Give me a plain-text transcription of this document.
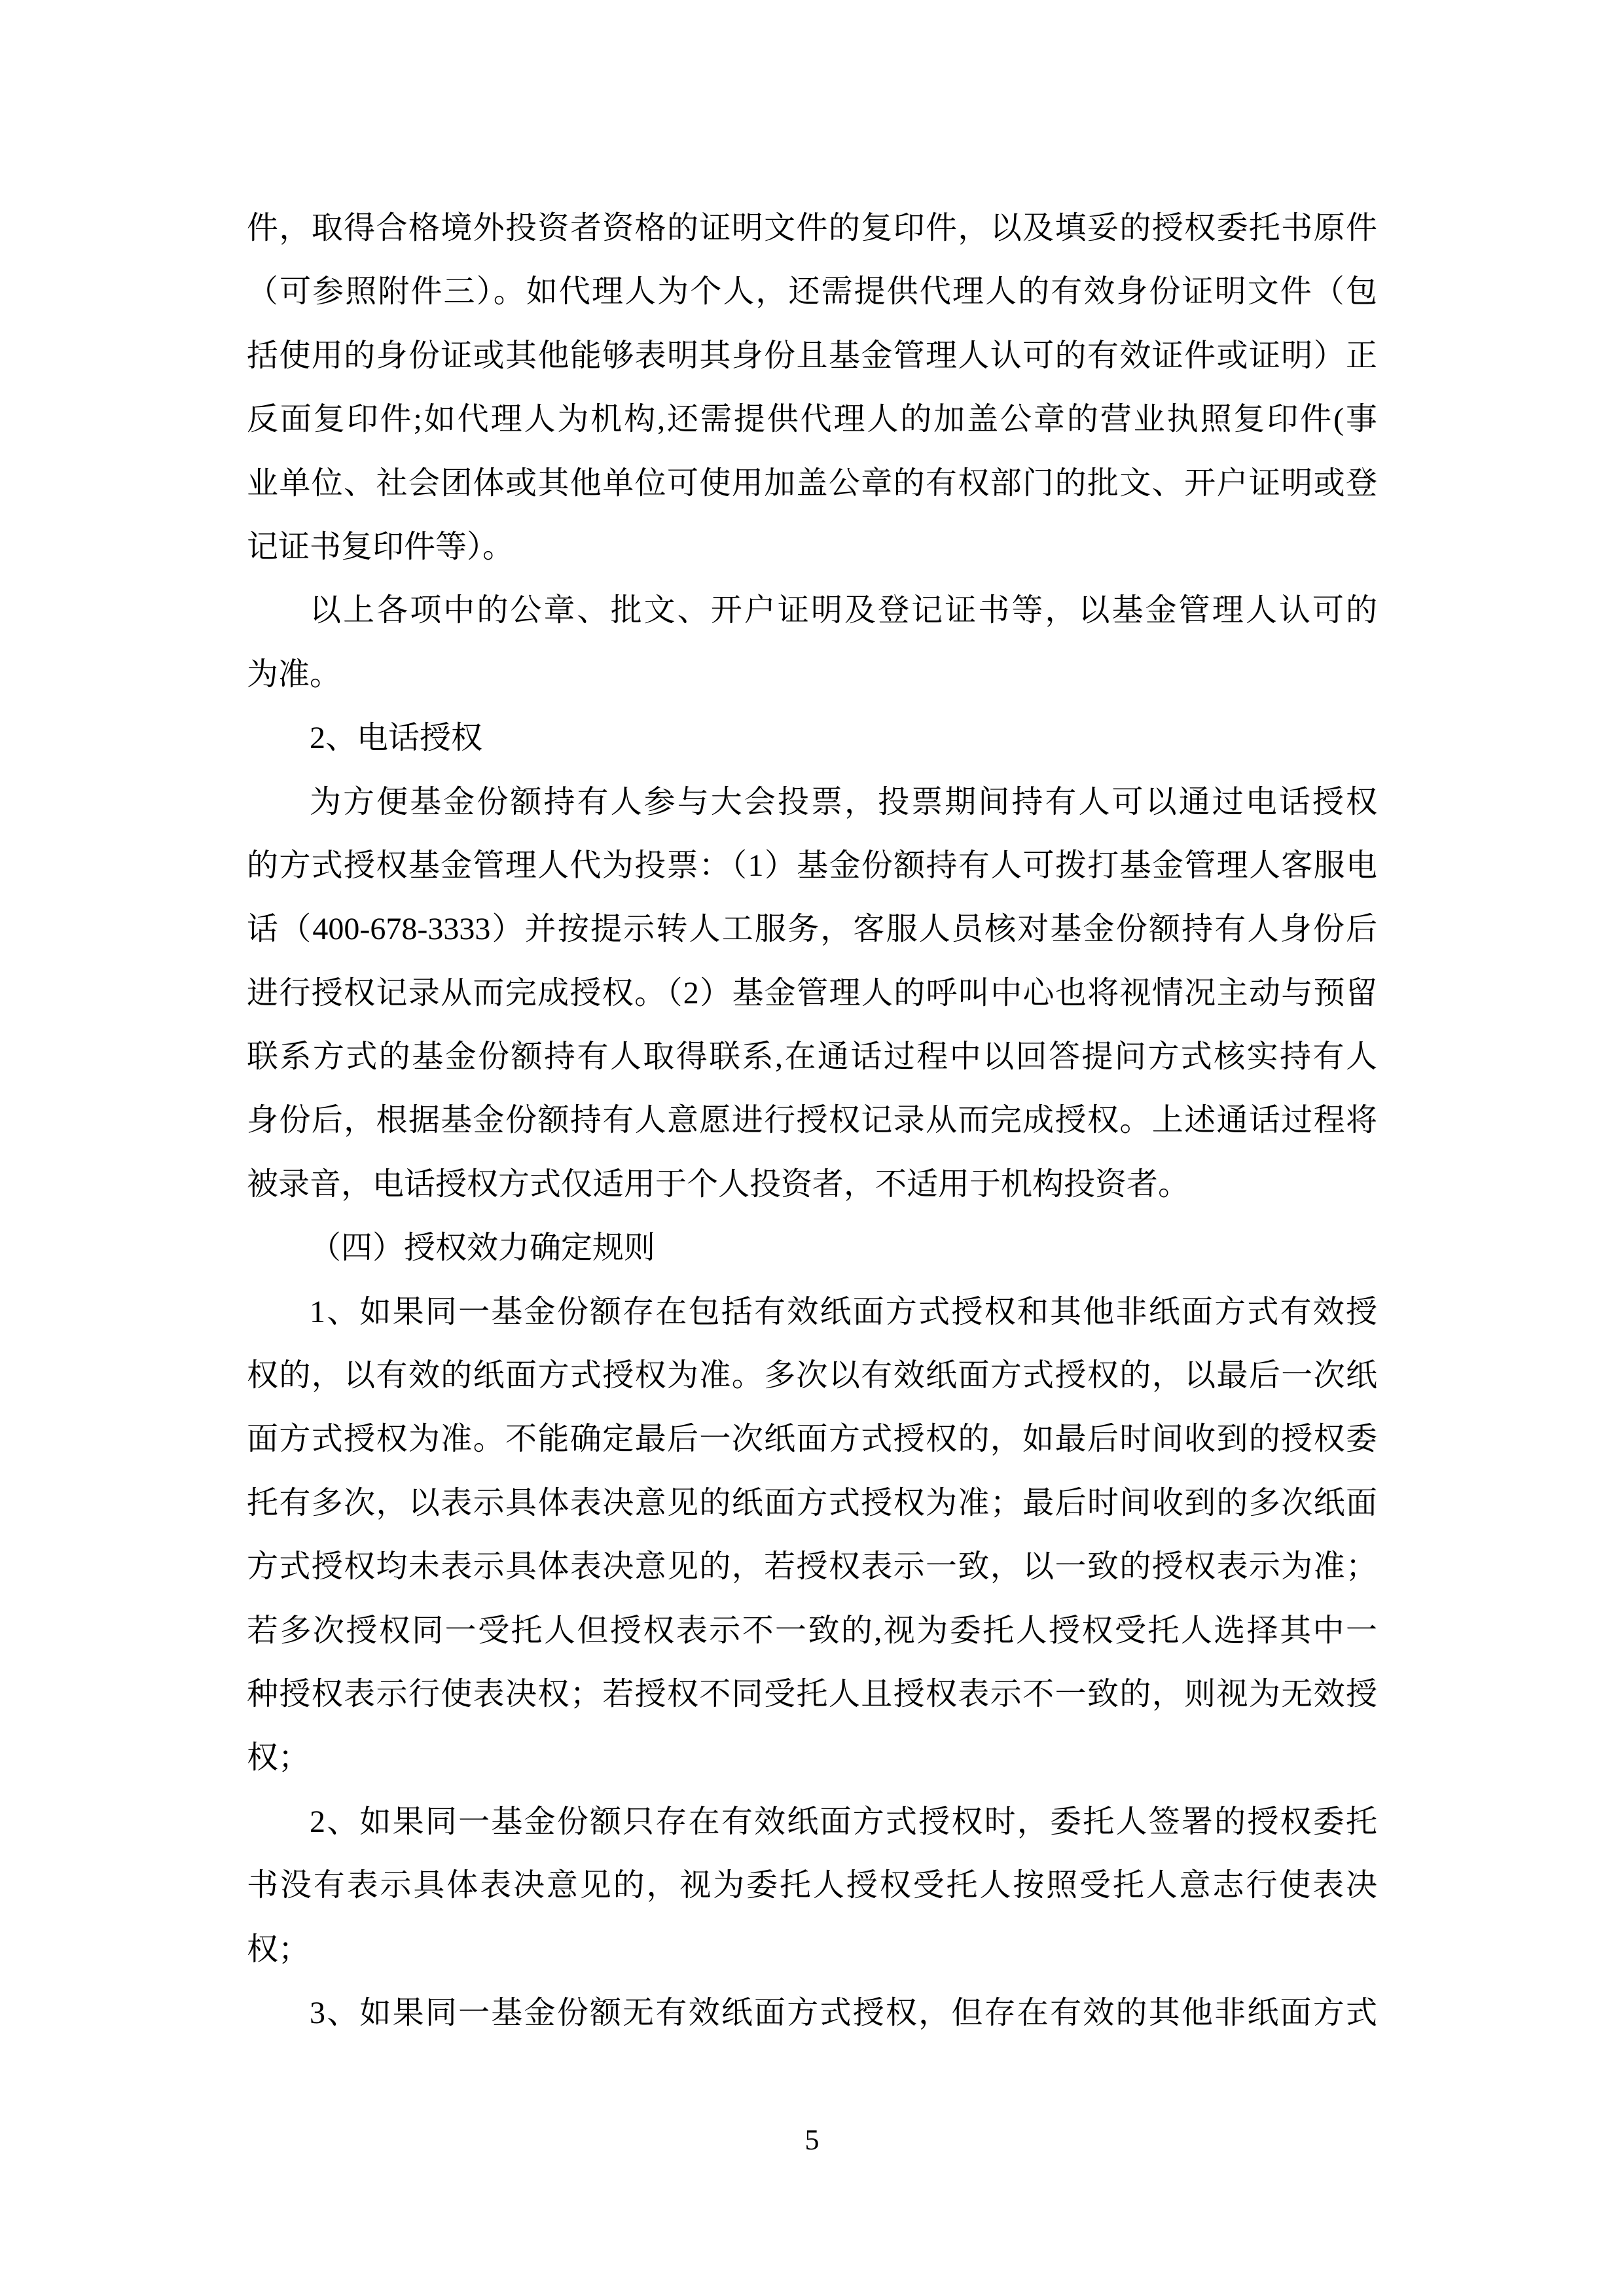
件，取得合格境外投资者资格的证明文件的复印件，以及填妥的授权委托书原件
（可参照附件三）。如代理人为个人，还需提供代理人的有效身份证明文件（包
括使用的身份证或其他能够表明其身份且基金管理人认可的有效证件或证明）正
反面复印件;如代理人为机构,还需提供代理人的加盖公章的营业执照复印件(事
业单位、社会团体或其他单位可使用加盖公章的有权部门的批文、开户证明或登
记证书复印件等）。
以上各项中的公章、批文、开户证明及登记证书等，以基金管理人认可的
为准。
2、电话授权
为方便基金份额持有人参与大会投票，投票期间持有人可以通过电话授权
的方式授权基金管理人代为投票：（1）基金份额持有人可拨打基金管理人客服电
话（400-678-3333）并按提示转人工服务，客服人员核对基金份额持有人身份后
进行授权记录从而完成授权。（2）基金管理人的呼叫中心也将视情况主动与预留
联系方式的基金份额持有人取得联系,在通话过程中以回答提问方式核实持有人
身份后，根据基金份额持有人意愿进行授权记录从而完成授权。上述通话过程将
被录音，电话授权方式仅适用于个人投资者，不适用于机构投资者。
（四）授权效力确定规则
1、如果同一基金份额存在包括有效纸面方式授权和其他非纸面方式有效授
权的，以有效的纸面方式授权为准。多次以有效纸面方式授权的，以最后一次纸
面方式授权为准。不能确定最后一次纸面方式授权的，如最后时间收到的授权委
托有多次，以表示具体表决意见的纸面方式授权为准；最后时间收到的多次纸面
方式授权均未表示具体表决意见的，若授权表示一致，以一致的授权表示为准；
若多次授权同一受托人但授权表示不一致的,视为委托人授权受托人选择其中一
种授权表示行使表决权；若授权不同受托人且授权表示不一致的，则视为无效授
权；
2、如果同一基金份额只存在有效纸面方式授权时，委托人签署的授权委托
书没有表示具体表决意见的，视为委托人授权受托人按照受托人意志行使表决
权；
3、如果同一基金份额无有效纸面方式授权，但存在有效的其他非纸面方式
5
